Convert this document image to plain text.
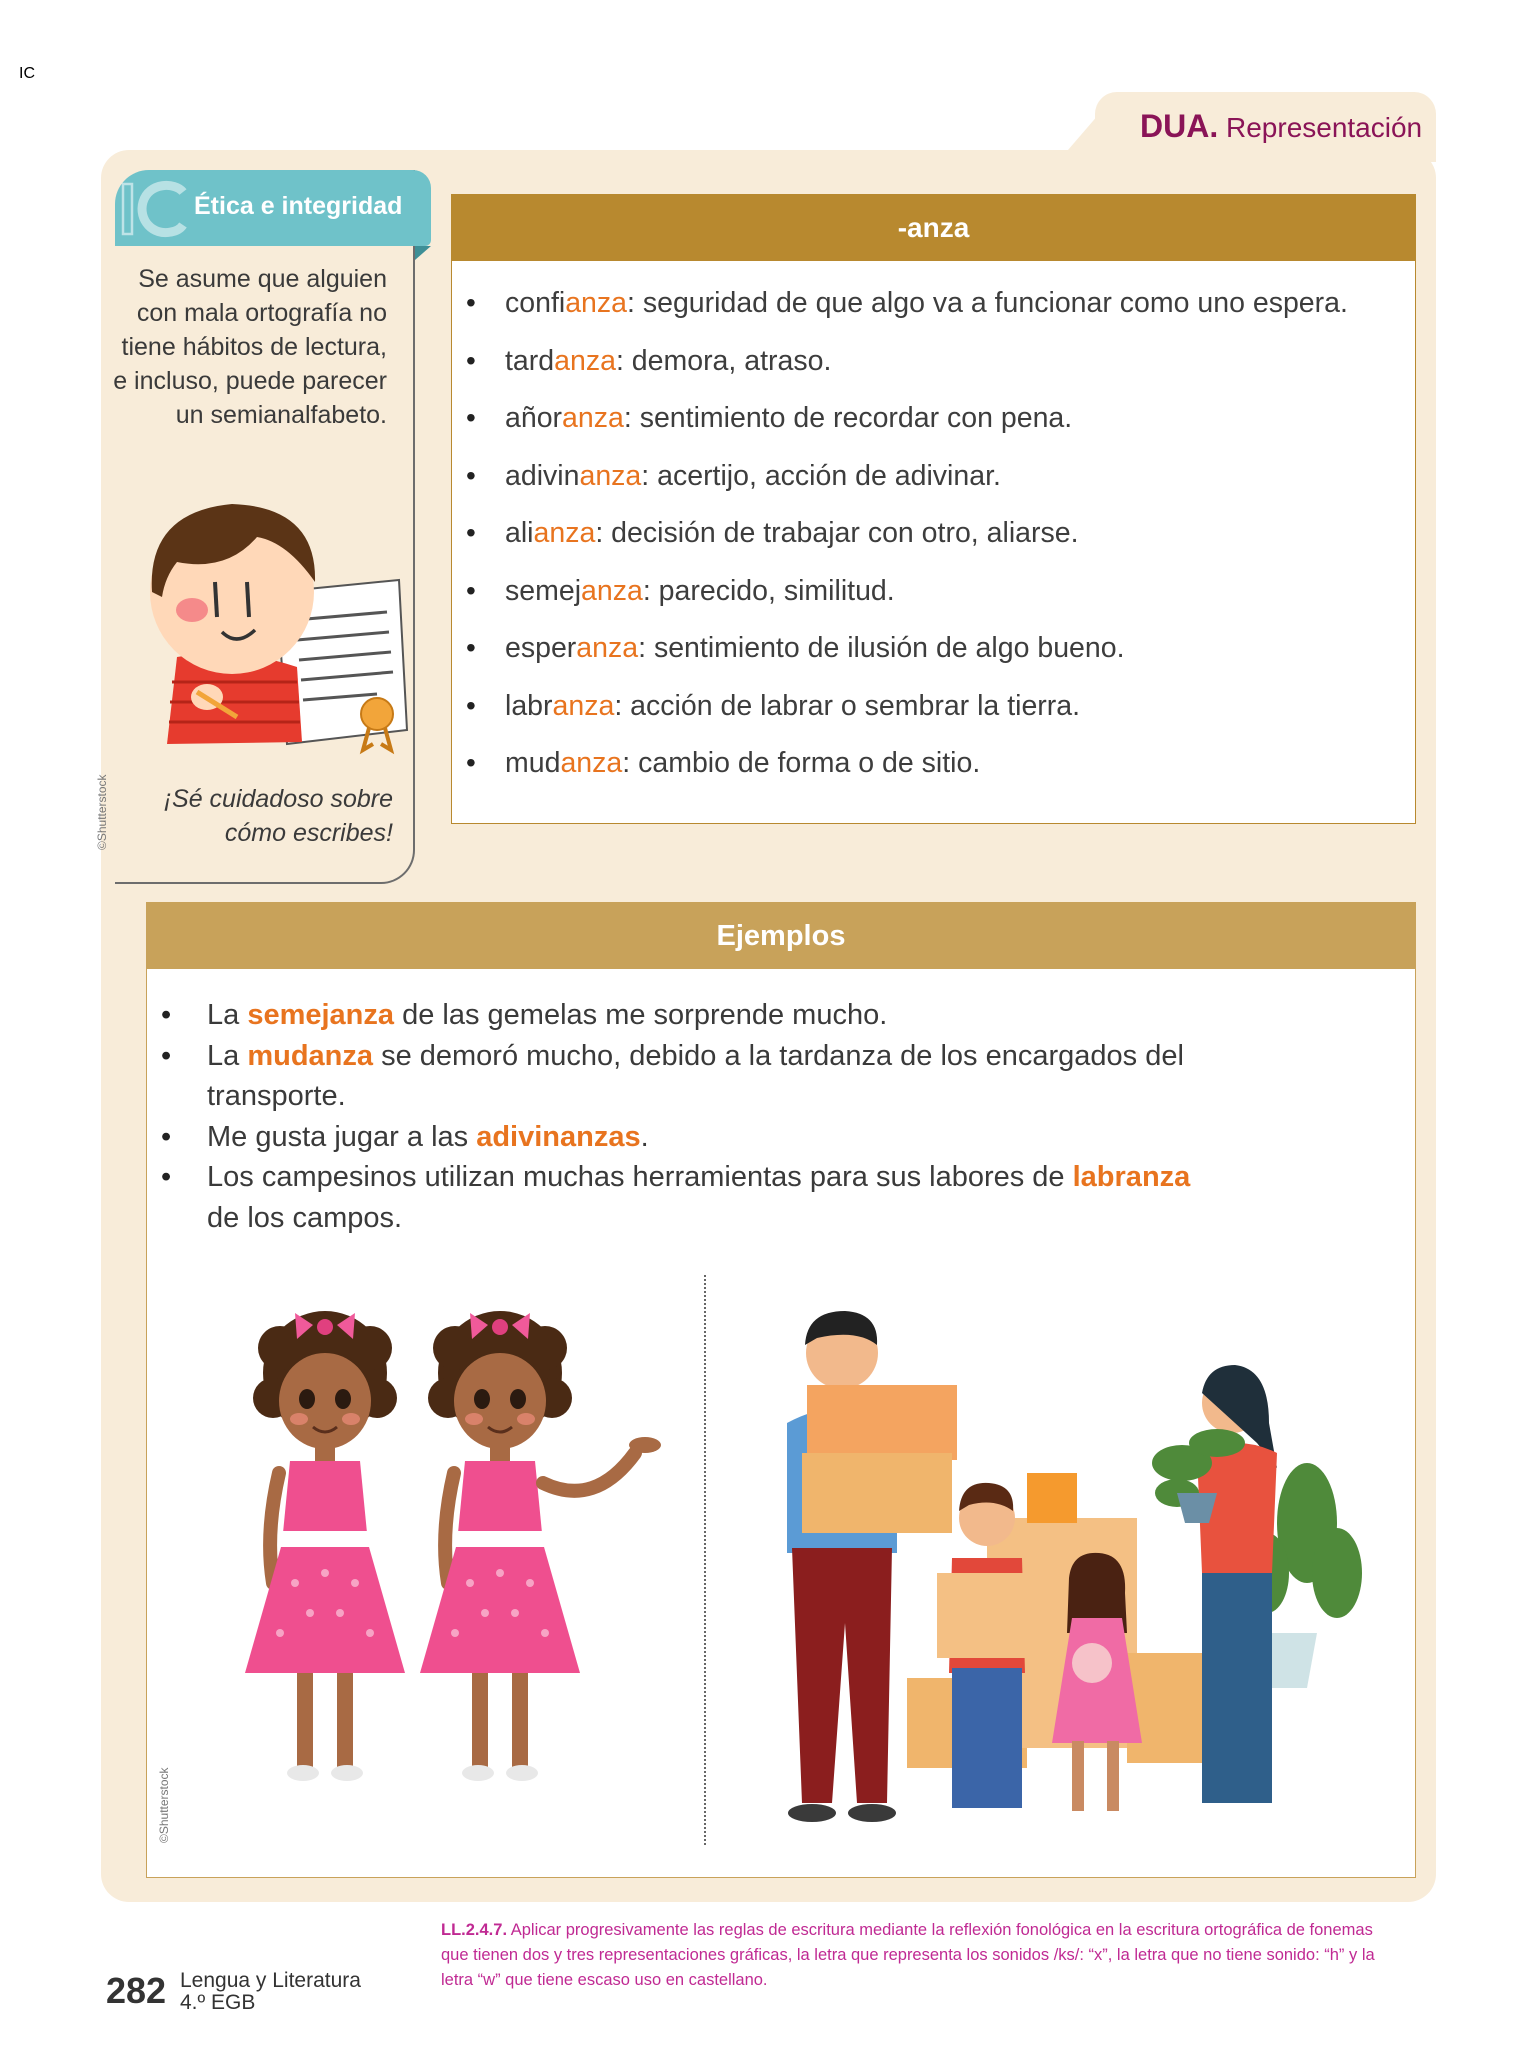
DUA. Representación
IC
Ética e integridad
Se asume que alguien con mala ortografía no tiene hábitos de lectura, e incluso, puede parecer un semianalfabeto.
©Shutterstock	¡Sé cuidadoso sobre cómo escribes!
-anza
• confianza: seguridad de que algo va a funcionar como uno espera.
• tardanza: demora, atraso.
• añoranza: sentimiento de recordar con pena.
• adivinanza: acertijo, acción de adivinar.
• alianza: decisión de trabajar con otro, aliarse.
• semejanza: parecido, similitud.
• esperanza: sentimiento de ilusión de algo bueno.
• labranza: acción de labrar o sembrar la tierra.
• mudanza: cambio de forma o de sitio.
Ejemplos
• La semejanza de las gemelas me sorprende mucho.
• La mudanza se demoró mucho, debido a la tardanza de los encargados del transporte.
• Me gusta jugar a las adivinanzas.
• Los campesinos utilizan muchas herramientas para sus labores de labranza de los campos.
©Shutterstock
282 Lengua y Literatura
4.º EGB
LL.2.4.7. Aplicar progresivamente las reglas de escritura mediante la reflexión fonológica en la escritura ortográfica de fonemas que tienen dos y tres representaciones gráficas, la letra que representa los sonidos /ks/: “x”, la letra que no tiene sonido: “h” y la letra “w” que tiene escaso uso en castellano.
